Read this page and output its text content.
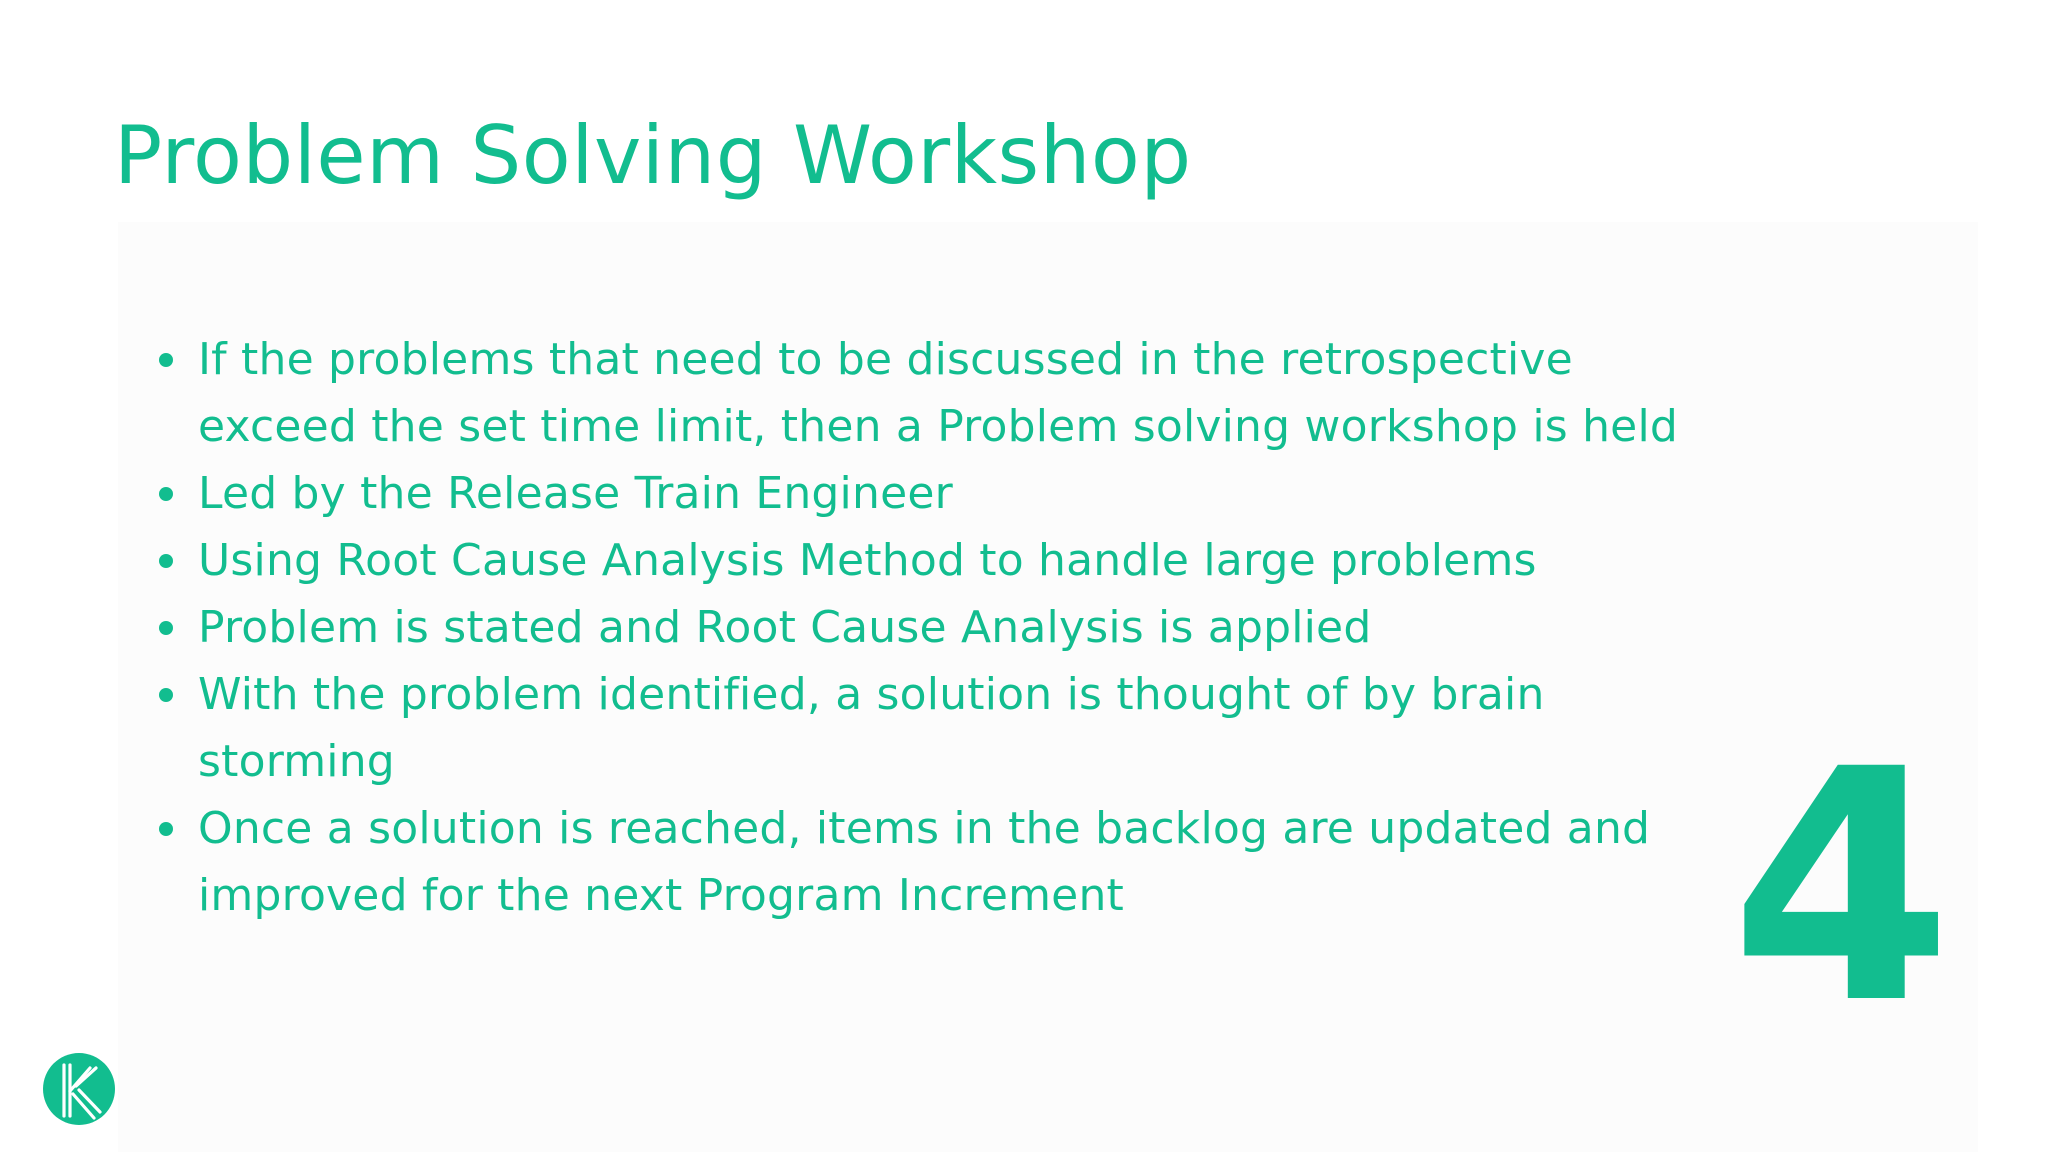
Problem Solving Workshop
If the problems that need to be discussed in the retrospective exceed the set time limit, then a Problem solving workshop is held
Led by the Release Train Engineer
Using Root Cause Analysis Method to handle large problems
Problem is stated and Root Cause Analysis is applied
With the problem identified, a solution is thought of by brain storming
Once a solution is reached, items in the backlog are updated and improved for the next Program Increment	4
